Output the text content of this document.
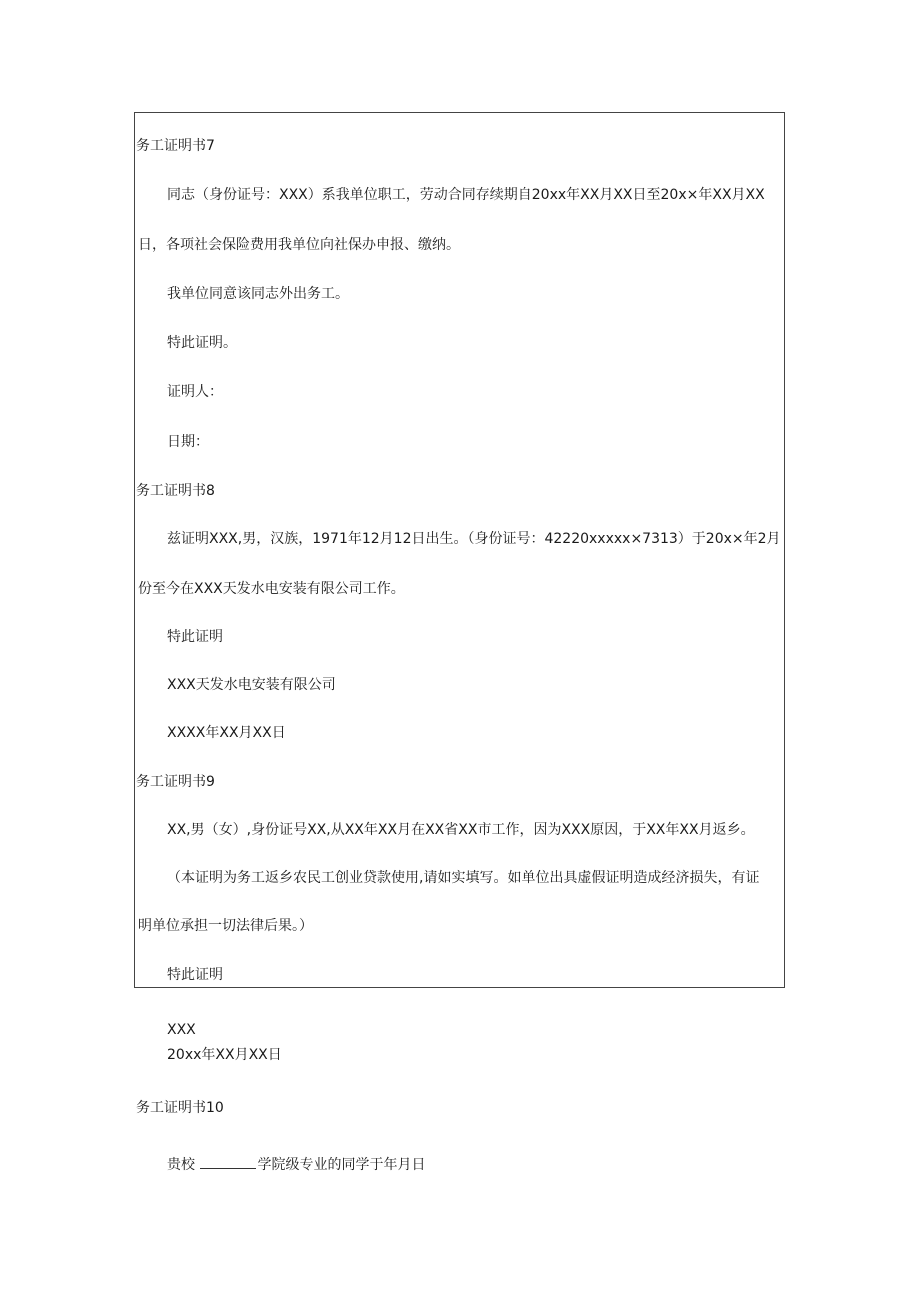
务工证明书7
同志（身份证号：XXX）系我单位职工，劳动合同存续期自20xx年XX月XX日至20x×年XX月XX
日，各项社会保险费用我单位向社保办申报、缴纳。
我单位同意该同志外出务工。
特此证明。
证明人：
日期：
务工证明书8
兹证明XXX,男，汉族，1971年12月12日出生。（身份证号：42220xxxxx×7313）于20x×年2月
份至今在XXX天发水电安装有限公司工作。
特此证明
XXX天发水电安装有限公司
XXXX年XX月XX日
务工证明书9
XX,男（女）,身份证号XX,从XX年XX月在XX省XX市工作，因为XXX原因，于XX年XX月返乡。
（本证明为务工返乡农民工创业贷款使用,请如实填写。如单位出具虚假证明造成经济损失，有证
明单位承担一切法律后果。）
特此证明
XXX
20xx年XX月XX日
务工证明书10
贵校	学院级专业的同学于年月日
